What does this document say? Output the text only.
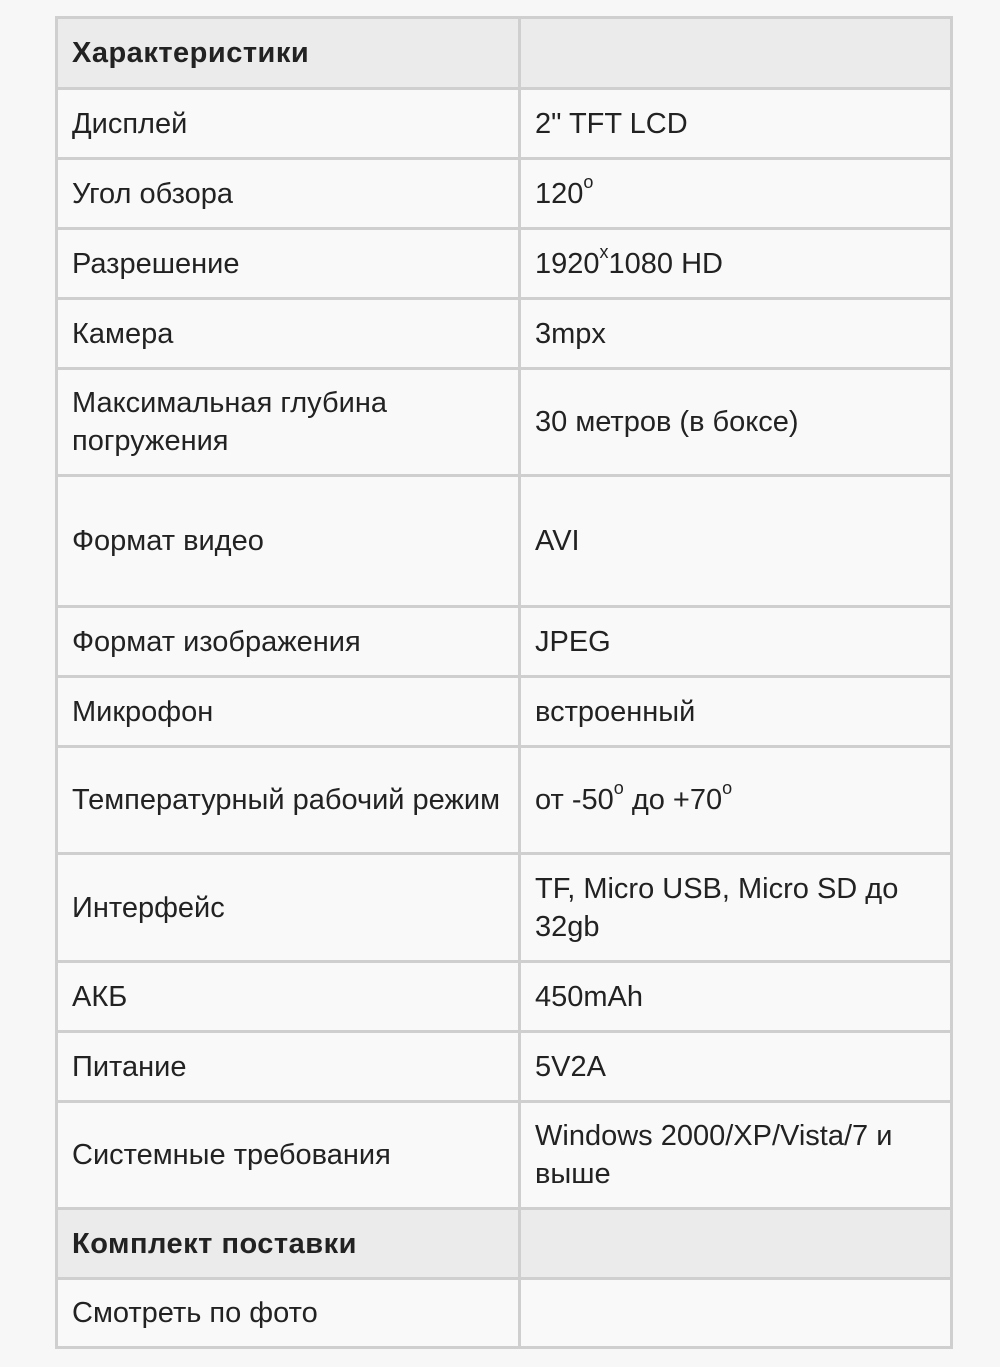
Характеристики	
Дисплей	2" TFT LCD
Угол обзора	$120^о$
Разрешение	1920$^x$1080 HD
Камера	3mpx
Максимальная глубина погружения	30 метров (в боксе)
Формат видео	AVI
Формат изображения	JPEG
Микрофон	встроенный
Температурный рабочий режим	от $-50^о$ до $+70^о$
Интерфейс	TF, Micro USB, Micro SD до 32gb
АКБ	450mAh
Питание	5V2A
Системные требования	Windows 2000/XP/Vista/7 и выше
Комплект поставки	
Смотреть по фото	
